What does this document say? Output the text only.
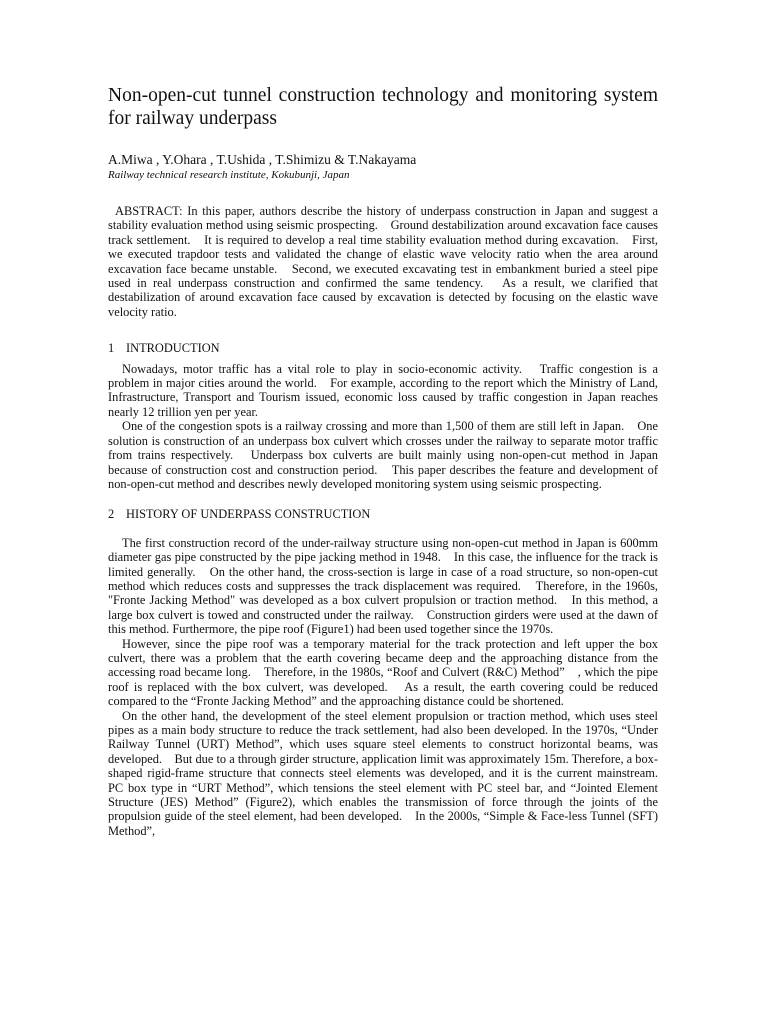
Non-open-cut tunnel construction technology and monitoring system for railway underpass

A.Miwa , Y.Ohara , T.Ushida , T.Shimizu & T.Nakayama

Railway technical research institute, Kokubunji, Japan

ABSTRACT: In this paper, authors describe the history of underpass construction in Japan and suggest a stability evaluation method using seismic prospecting.　Ground destabilization around excavation face causes track settlement.　It is required to develop a real time stability evaluation method during excavation.　First, we executed trapdoor tests and validated the change of elastic wave velocity ratio when the area around excavation face became unstable.　Second, we executed excavating test in embankment buried a steel pipe used in real underpass construction and confirmed the same tendency.　As a result, we clarified that destabilization of around excavation face caused by excavation is detected by focusing on the elastic wave velocity ratio.

1 INTRODUCTION

Nowadays, motor traffic has a vital role to play in socio-economic activity.　Traffic congestion is a problem in major cities around the world.　For example, according to the report which the Ministry of Land, Infrastructure, Transport and Tourism issued, economic loss caused by traffic congestion in Japan reaches nearly 12 trillion yen per year.

One of the congestion spots is a railway crossing and more than 1,500 of them are still left in Japan.　One solution is construction of an underpass box culvert which crosses under the railway to separate motor traffic from trains respectively.　Underpass box culverts are built mainly using non-open-cut method in Japan because of construction cost and construction period.　This paper describes the feature and development of non-open-cut method and describes newly developed monitoring system using seismic prospecting.

2 HISTORY OF UNDERPASS CONSTRUCTION

The first construction record of the under-railway structure using non-open-cut method in Japan is 600mm diameter gas pipe constructed by the pipe jacking method in 1948.　In this case, the influence for the track is limited generally.　On the other hand, the cross-section is large in case of a road structure, so non-open-cut method which reduces costs and suppresses the track displacement was required.　Therefore, in the 1960s, "Fronte Jacking Method" was developed as a box culvert propulsion or traction method.　In this method, a large box culvert is towed and constructed under the railway.　Construction girders were used at the dawn of this method. Furthermore, the pipe roof (Figure1) had been used together since the 1970s.

However, since the pipe roof was a temporary material for the track protection and left upper the box culvert, there was a problem that the earth covering became deep and the approaching distance from the accessing road became long.　Therefore, in the 1980s, “Roof and Culvert (R&C) Method”　, which the pipe roof is replaced with the box culvert, was developed.　As a result, the earth covering could be reduced compared to the “Fronte Jacking Method” and the approaching distance could be shortened.

On the other hand, the development of the steel element propulsion or traction method, which uses steel pipes as a main body structure to reduce the track settlement, had also been developed. In the 1970s, “Under Railway Tunnel (URT) Method”, which uses square steel elements to construct horizontal beams, was developed.　But due to a through girder structure, application limit was approximately 15m. Therefore, a box-shaped rigid-frame structure that connects steel elements was developed, and it is the current mainstream.　PC box type in “URT Method”, which tensions the steel element with PC steel bar, and “Jointed Element Structure (JES) Method” (Figure2), which enables the transmission of force through the joints of the propulsion guide of the steel element, had been developed.　In the 2000s, “Simple & Face-less Tunnel (SFT) Method”,
